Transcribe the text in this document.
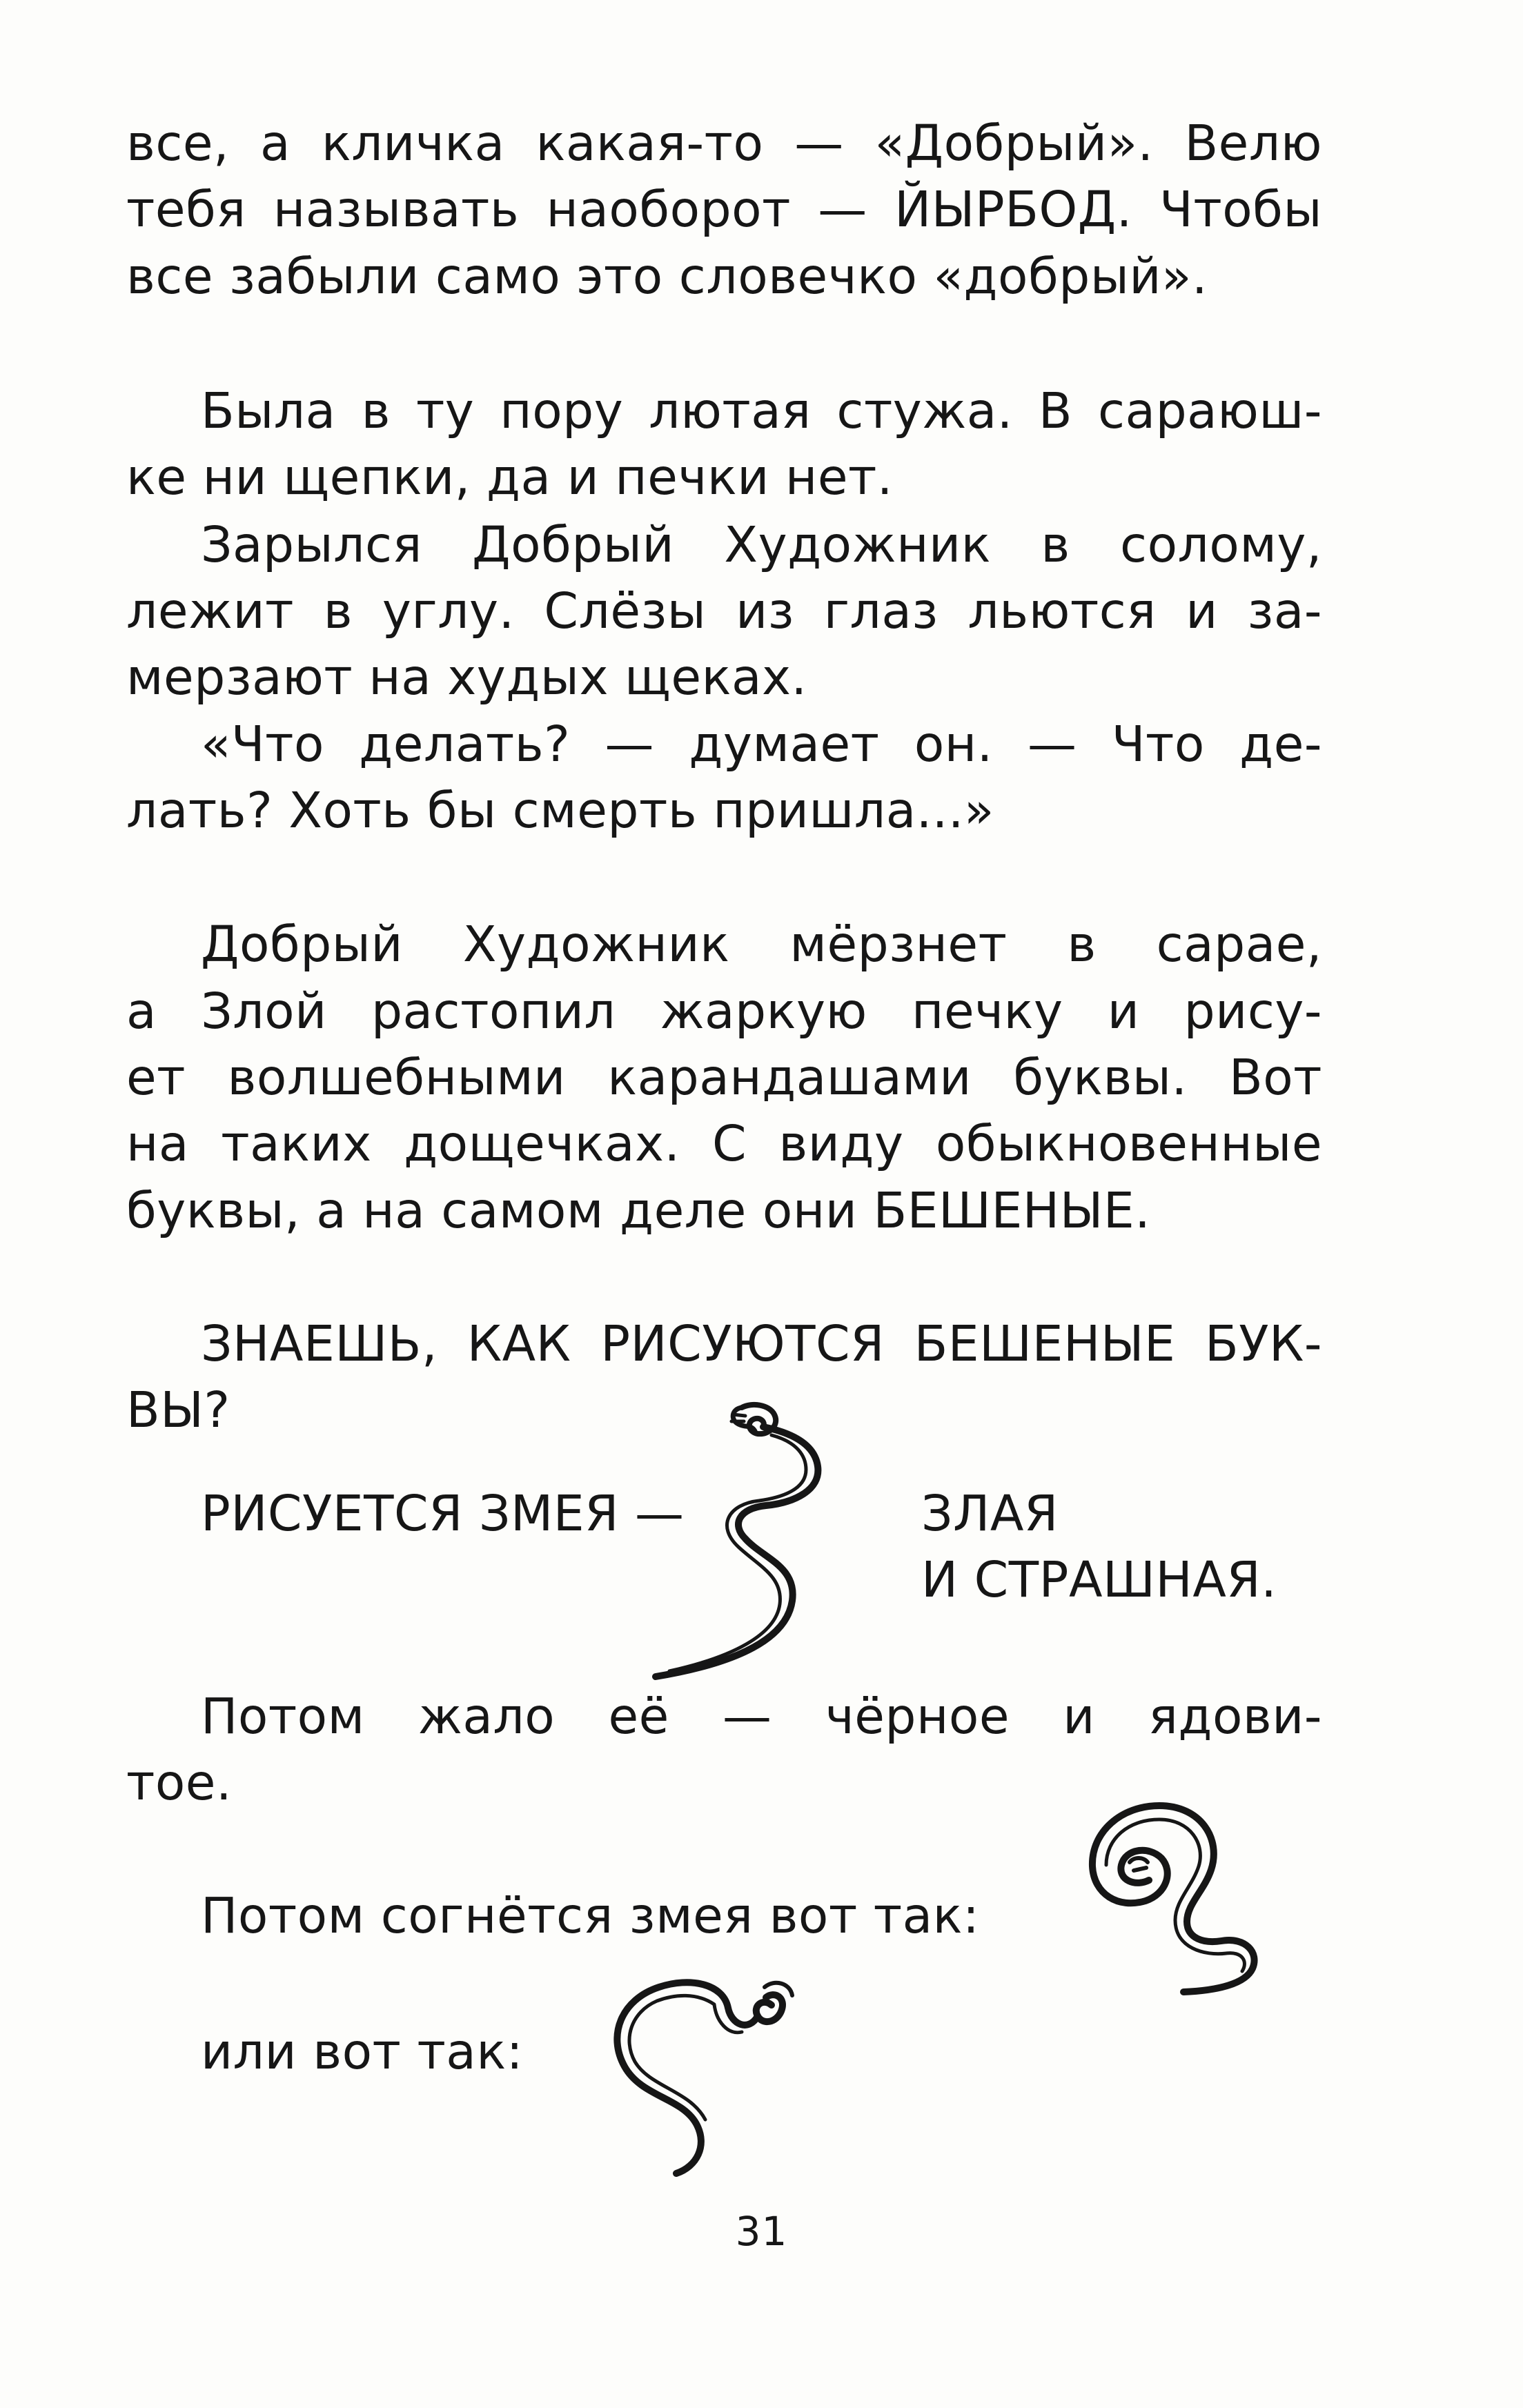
все, а кличка какая-то — «Добрый». Велю
тебя называть наоборот — ЙЫРБОД. Чтобы
все забыли само это словечко «добрый».
Была в ту пору лютая стужа. В сараюш-
ке ни щепки, да и печки нет.
Зарылся Добрый Художник в солому,
лежит в углу. Слёзы из глаз льются и за-
мерзают на худых щеках.
«Что делать? — думает он. — Что де-
лать? Хоть бы смерть пришла...»
Добрый Художник мёрзнет в сарае,
а Злой растопил жаркую печку и рису-
ет волшебными карандашами буквы. Вот
на таких дощечках. С виду обыкновенные
буквы, а на самом деле они БЕШЕНЫЕ.
ЗНАЕШЬ, КАК РИСУЮТСЯ БЕШЕНЫЕ БУК-
ВЫ?
РИСУЕТСЯ ЗМЕЯ —	ЗЛАЯ
И СТРАШНАЯ.
Потом жало её — чёрное и ядови-
тое.
Потом согнётся змея вот так:
или вот так:
31
